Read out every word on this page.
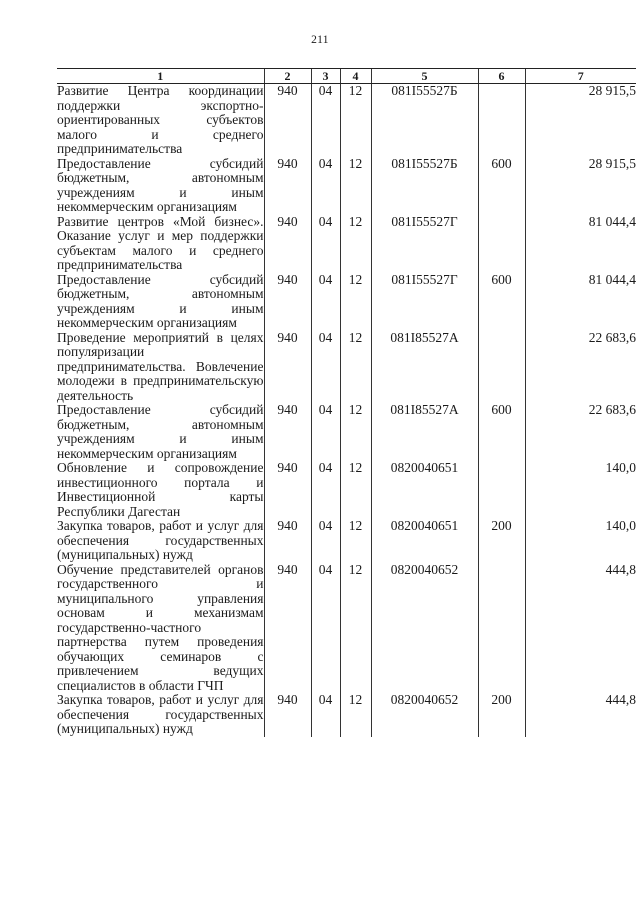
211
1	2	3	4	5	6	7
Развитие Центра координации поддержки экспортно-ориентированных субъектов малого и среднего предпринимательства	940	04	12	081I55527Б		28 915,5
Предоставление субсидий бюджетным, автономным учреждениям и иным некоммерческим организациям	940	04	12	081I55527Б	600	28 915,5
Развитие центров «Мой бизнес». Оказание услуг и мер поддержки субъектам малого и среднего предпринимательства	940	04	12	081I55527Г		81 044,4
Предоставление субсидий бюджетным, автономным учреждениям и иным некоммерческим организациям	940	04	12	081I55527Г	600	81 044,4
Проведение мероприятий в целях популяризации предпринимательства. Вовлечение молодежи в предпринимательскую деятельность	940	04	12	081I85527А		22 683,6
Предоставление субсидий бюджетным, автономным учреждениям и иным некоммерческим организациям	940	04	12	081I85527А	600	22 683,6
Обновление и сопровождение инвестиционного портала и Инвестиционной карты Республики Дагестан	940	04	12	0820040651		140,0
Закупка товаров, работ и услуг для обеспечения государственных (муниципальных) нужд	940	04	12	0820040651	200	140,0
Обучение представителей органов государственного и муниципального управления основам и механизмам государственно-частного партнерства путем проведения обучающих семинаров с привлечением ведущих специалистов в области ГЧП	940	04	12	0820040652		444,8
Закупка товаров, работ и услуг для обеспечения государственных (муниципальных) нужд	940	04	12	0820040652	200	444,8
